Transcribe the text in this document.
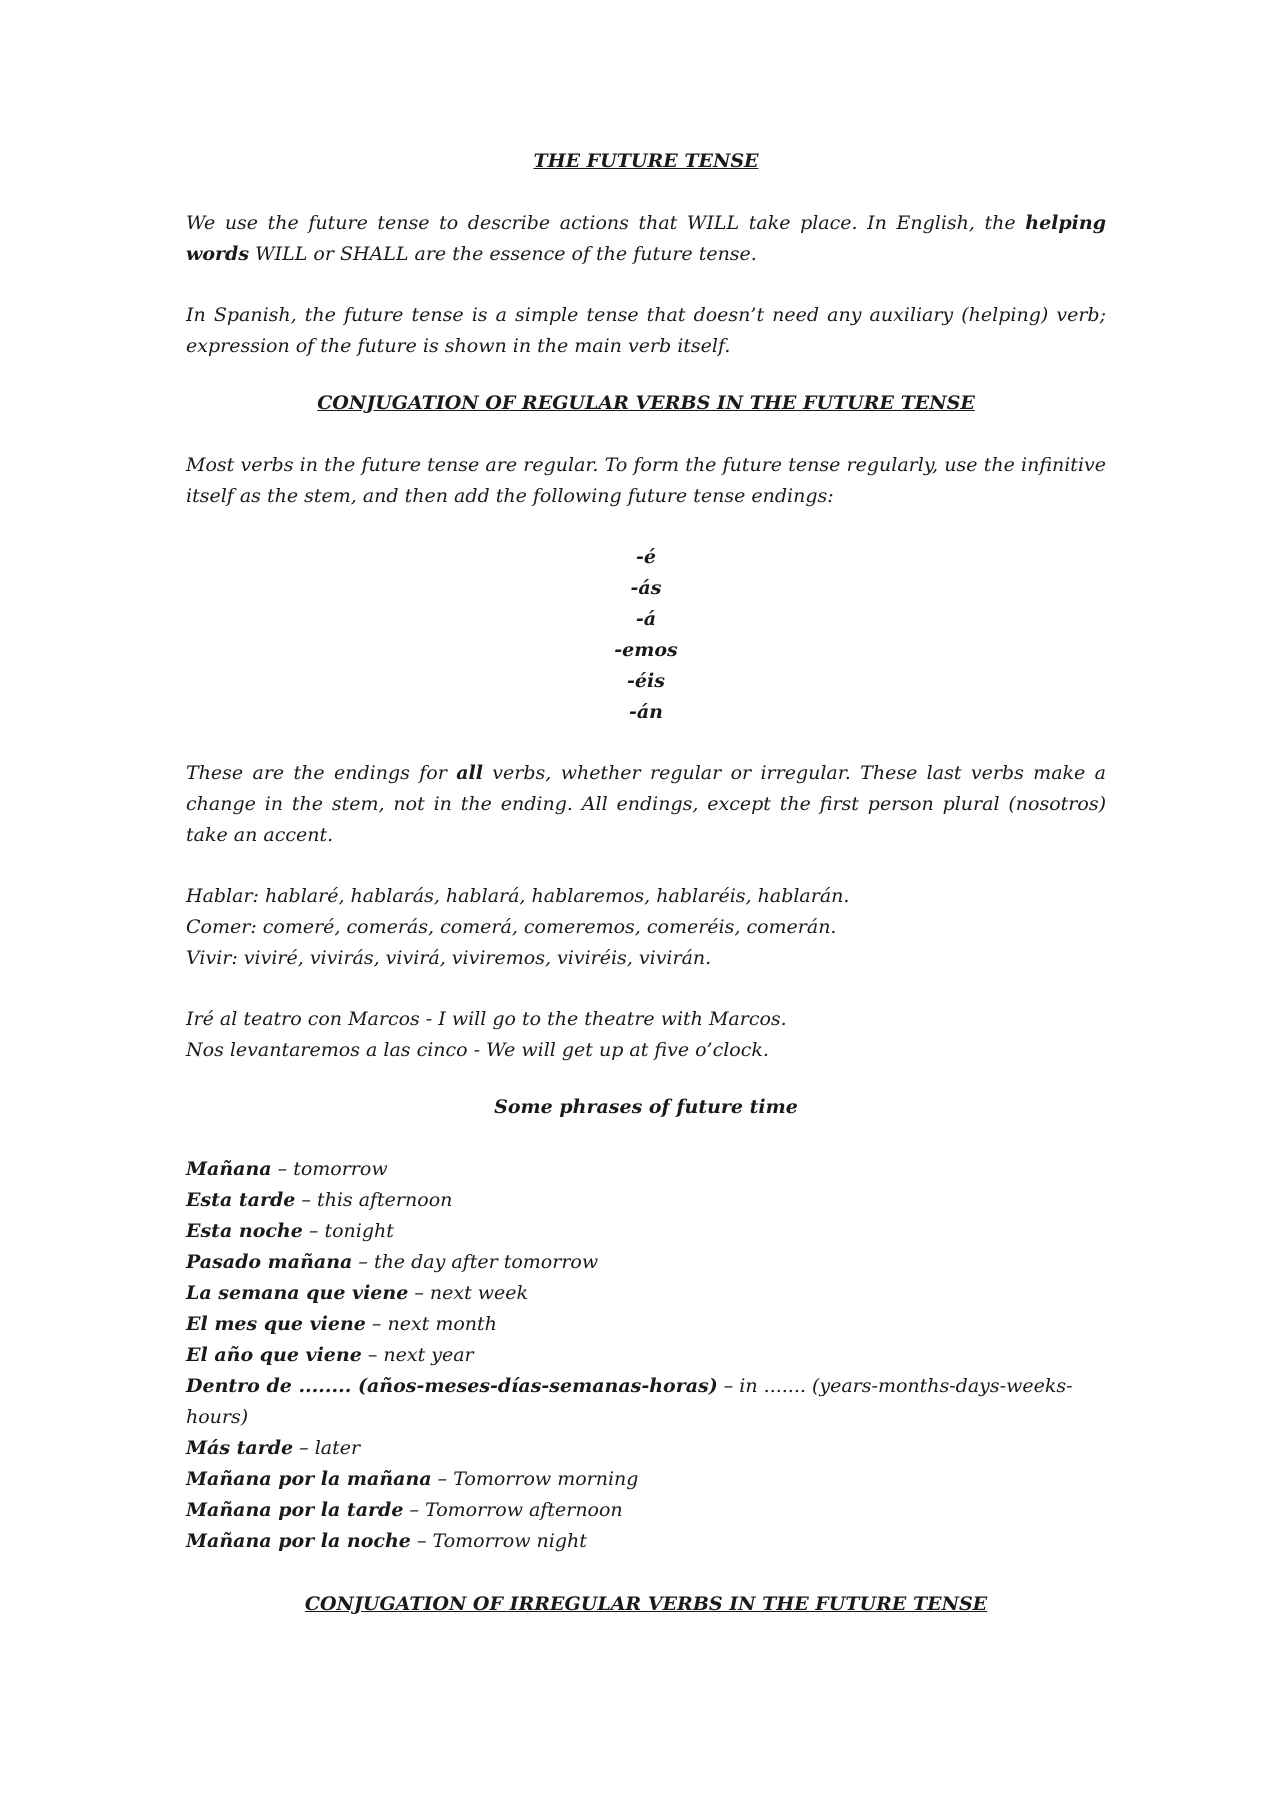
THE FUTURE TENSE

We use the future tense to describe actions that WILL take place. In English, the helping words WILL or SHALL are the essence of the future tense.

In Spanish, the future tense is a simple tense that doesn’t need any auxiliary (helping) verb; expression of the future is shown in the main verb itself.

CONJUGATION OF REGULAR VERBS IN THE FUTURE TENSE

Most verbs in the future tense are regular. To form the future tense regularly, use the infinitive itself as the stem, and then add the following future tense endings:

-é
-ás
-á
-emos
-éis
-án

These are the endings for all verbs, whether regular or irregular. These last verbs make a change in the stem, not in the ending. All endings, except the first person plural (nosotros) take an accent.

Hablar: hablaré, hablarás, hablará, hablaremos, hablaréis, hablarán.
Comer: comeré, comerás, comerá, comeremos, comeréis, comerán.
Vivir: viviré, vivirás, vivirá, viviremos, viviréis, vivirán.
Iré al teatro con Marcos - I will go to the theatre with Marcos.
Nos levantaremos a las cinco - We will get up at five o’clock.
Some phrases of future time
Mañana – tomorrow
Esta tarde – this afternoon
Esta noche – tonight
Pasado mañana – the day after tomorrow
La semana que viene – next week
El mes que viene – next month
El año que viene – next year
Dentro de ........ (años-meses-días-semanas-horas) – in ....... (years-months-days-weeks-hours)
Más tarde – later
Mañana por la mañana – Tomorrow morning
Mañana por la tarde – Tomorrow afternoon
Mañana por la noche – Tomorrow night
CONJUGATION OF IRREGULAR VERBS IN THE FUTURE TENSE
